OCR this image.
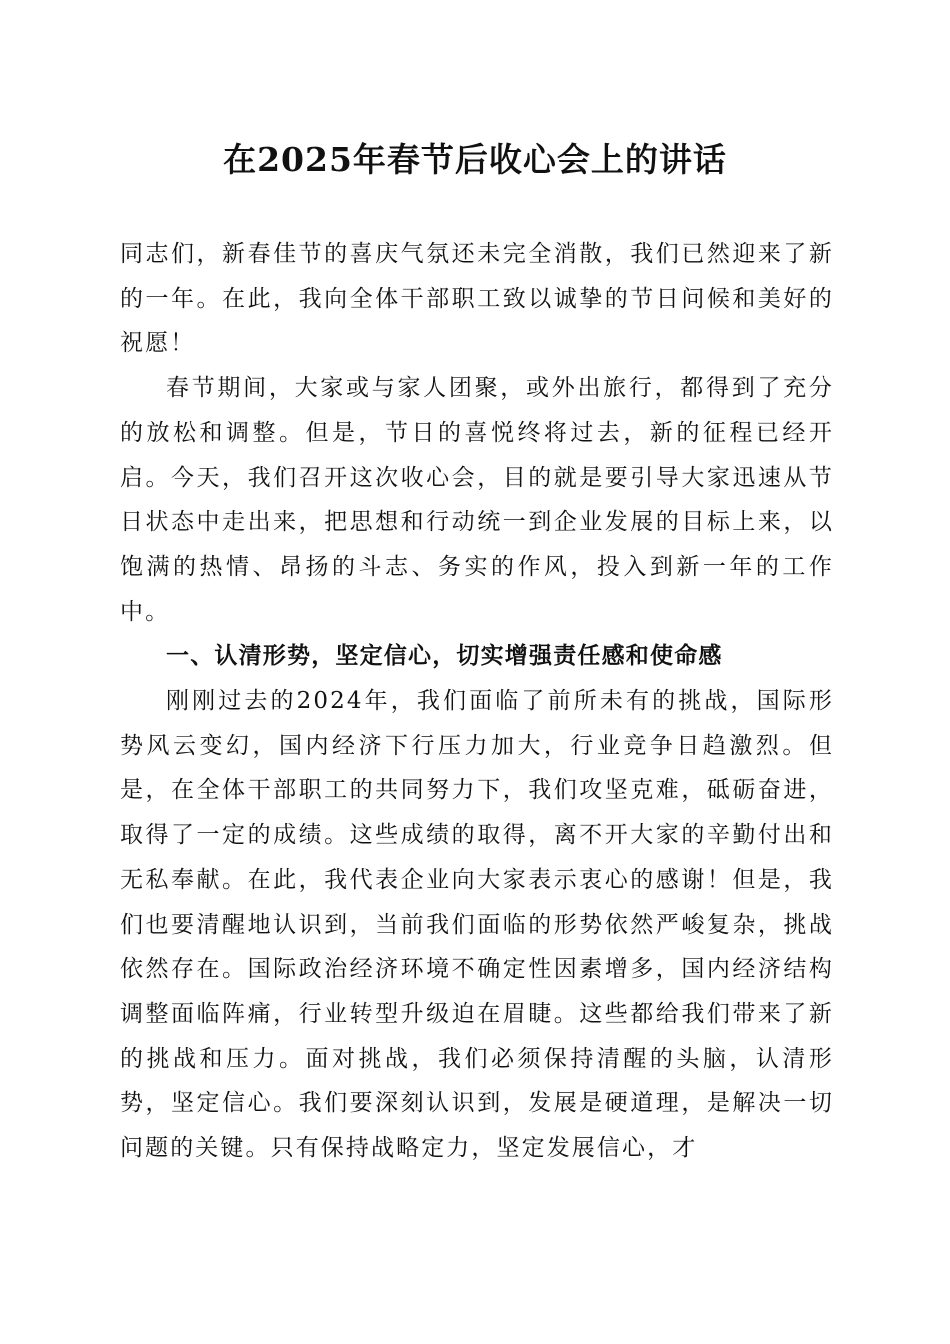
在2025年春节后收心会上的讲话

同志们，新春佳节的喜庆气氛还未完全消散，我们已然迎来了新的一年。在此，我向全体干部职工致以诚挚的节日问候和美好的祝愿！

春节期间，大家或与家人团聚，或外出旅行，都得到了充分的放松和调整。但是，节日的喜悦终将过去，新的征程已经开启。今天，我们召开这次收心会，目的就是要引导大家迅速从节日状态中走出来，把思想和行动统一到企业发展的目标上来，以饱满的热情、昂扬的斗志、务实的作风，投入到新一年的工作中。

一、认清形势，坚定信心，切实增强责任感和使命感

刚刚过去的2024年，我们面临了前所未有的挑战，国际形势风云变幻，国内经济下行压力加大，行业竞争日趋激烈。但是，在全体干部职工的共同努力下，我们攻坚克难，砥砺奋进，取得了一定的成绩。这些成绩的取得，离不开大家的辛勤付出和无私奉献。在此，我代表企业向大家表示衷心的感谢！但是，我们也要清醒地认识到，当前我们面临的形势依然严峻复杂，挑战依然存在。国际政治经济环境不确定性因素增多，国内经济结构调整面临阵痛，行业转型升级迫在眉睫。这些都给我们带来了新的挑战和压力。面对挑战，我们必须保持清醒的头脑，认清形势，坚定信心。我们要深刻认识到，发展是硬道理，是解决一切问题的关键。只有保持战略定力，坚定发展信心，才
